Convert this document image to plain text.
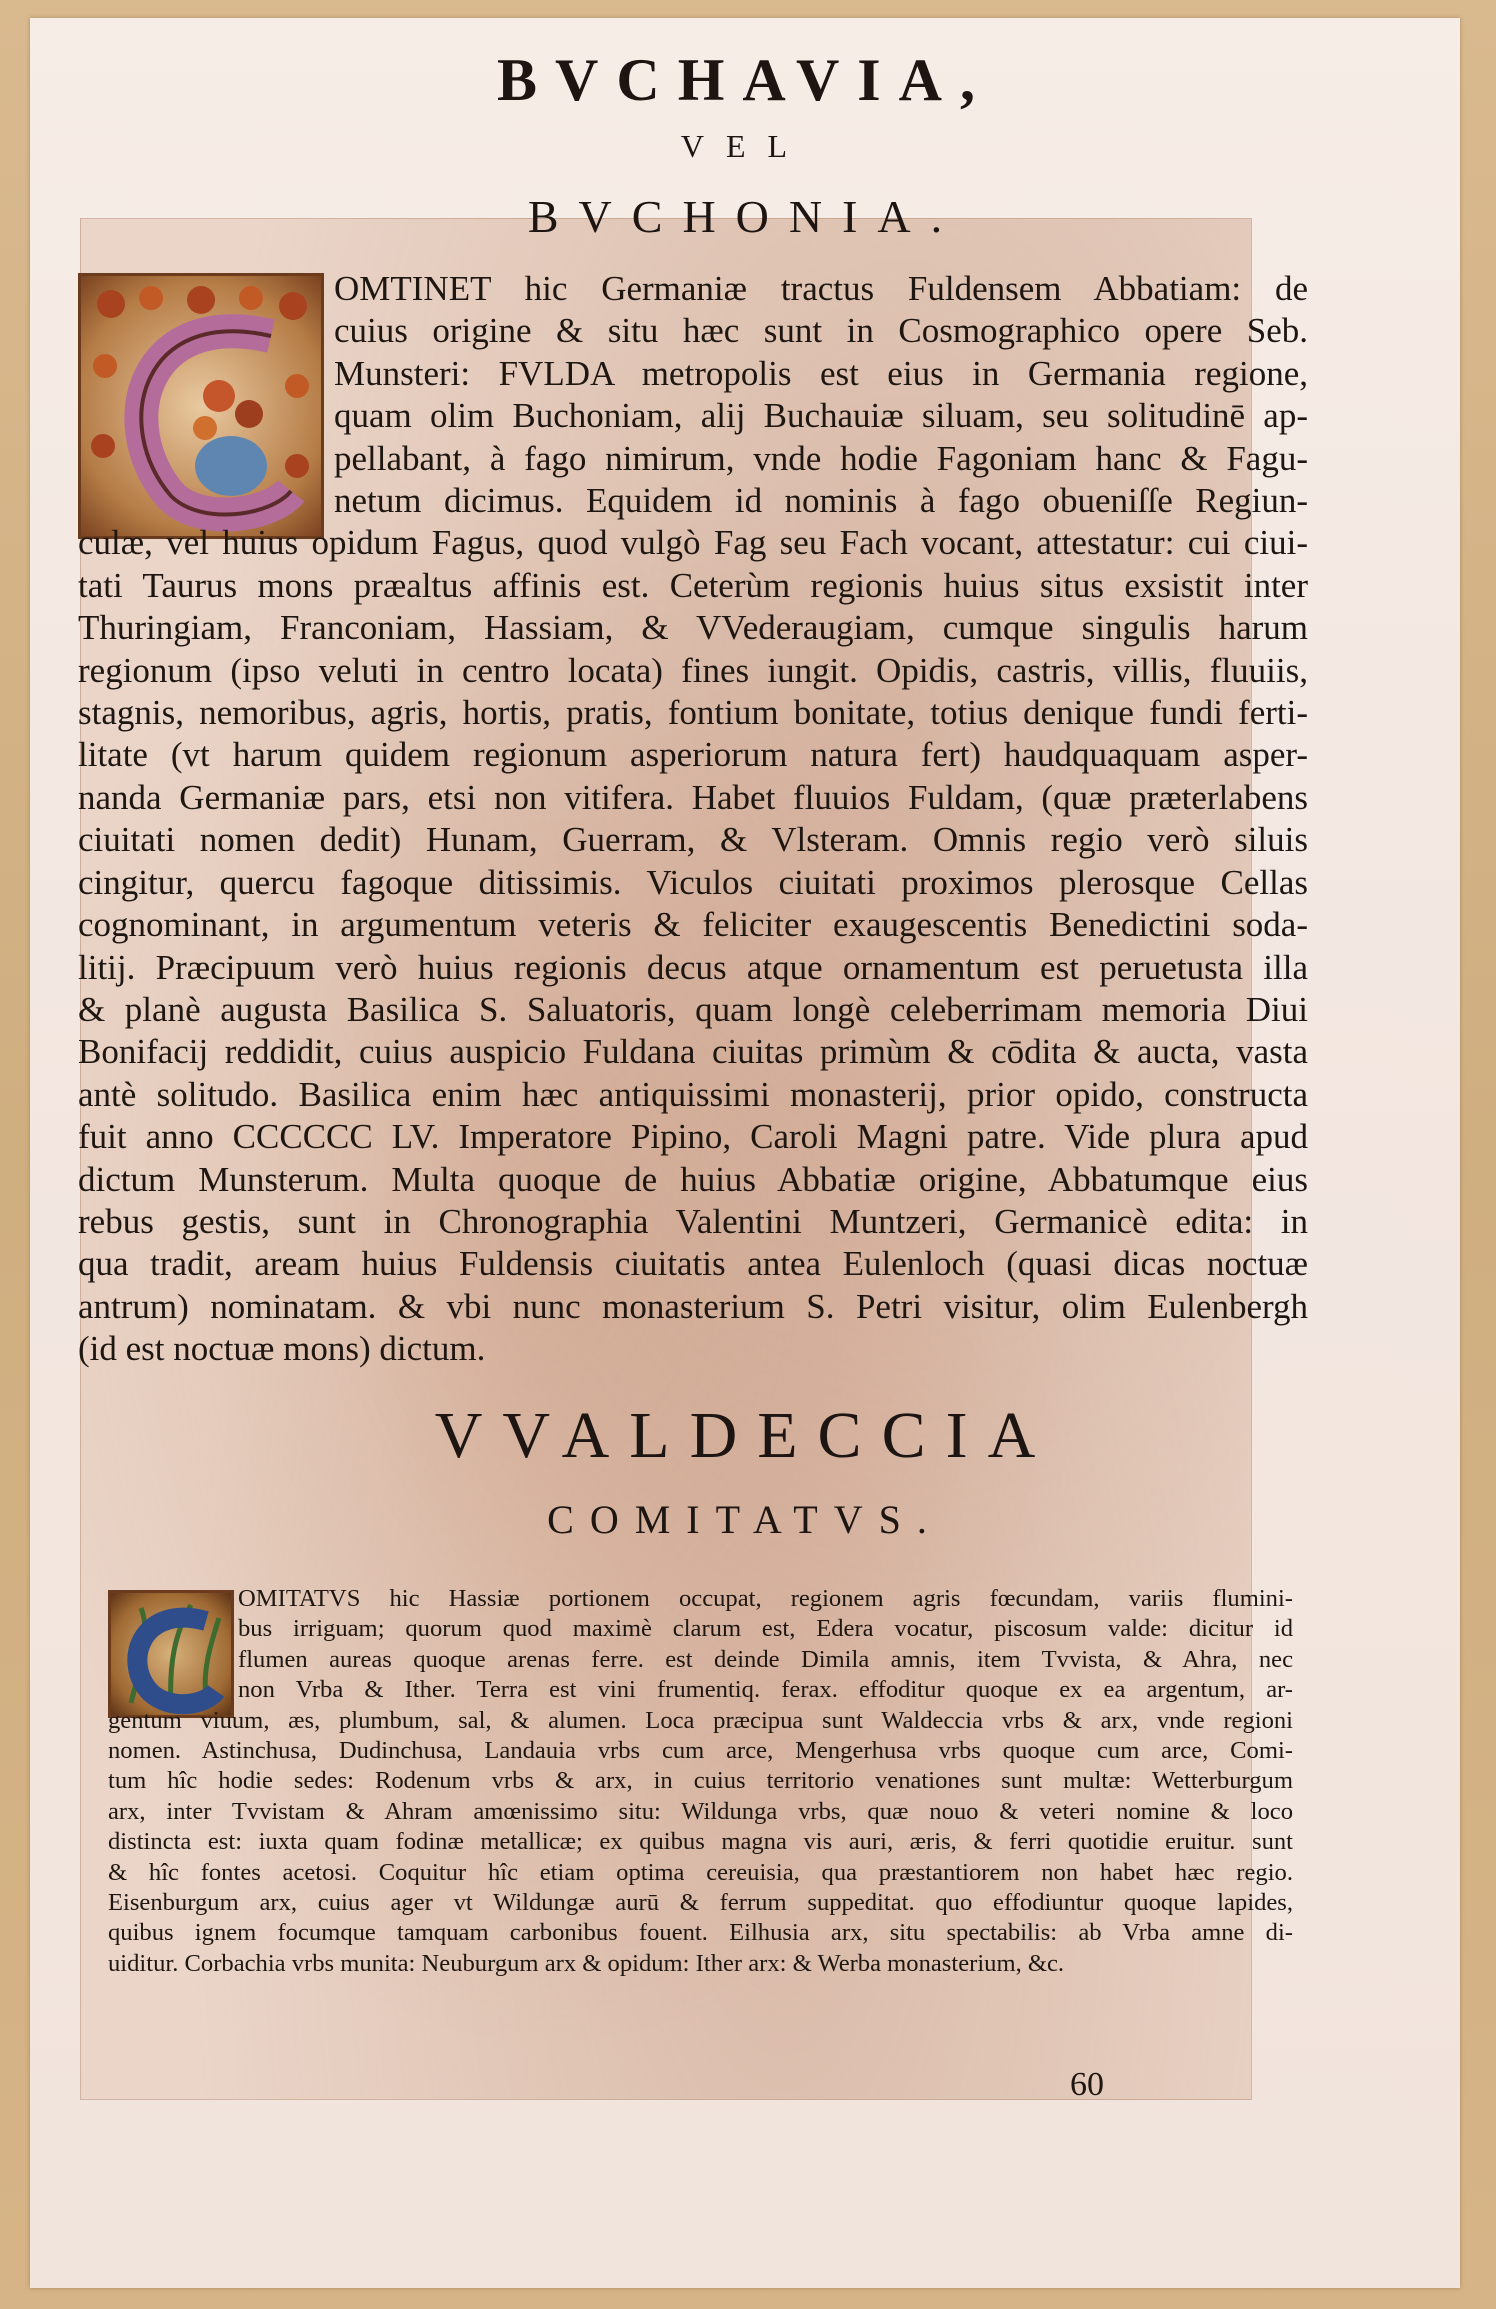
BVCHAVIA,
VEL
BVCHONIA.
OMTINET hic Germaniæ tractus Fuldensem Abbatiam: de
cuius origine & situ hæc sunt in Cosmographico opere Seb.
Munsteri: FVLDA metropolis est eius in Germania regione,
quam olim Buchoniam, alij Buchauiæ siluam, seu solitudinē ap-
pellabant, à fago nimirum, vnde hodie Fagoniam hanc & Fagu-
netum dicimus. Equidem id nominis à fago obueniſſe Regiun-
culæ, vel huius opidum Fagus, quod vulgò Fag seu Fach vocant, attestatur: cui ciui-
tati Taurus mons præaltus affinis est. Ceterùm regionis huius situs exsistit inter
Thuringiam, Franconiam, Hassiam, & VVederaugiam, cumque singulis harum
regionum (ipso veluti in centro locata) fines iungit. Opidis, castris, villis, fluuiis,
stagnis, nemoribus, agris, hortis, pratis, fontium bonitate, totius denique fundi ferti-
litate (vt harum quidem regionum asperiorum natura fert) haudquaquam asper-
nanda Germaniæ pars, etsi non vitifera. Habet fluuios Fuldam, (quæ præterlabens
ciuitati nomen dedit) Hunam, Guerram, & Vlsteram. Omnis regio verò siluis
cingitur, quercu fagoque ditissimis. Viculos ciuitati proximos plerosque Cellas
cognominant, in argumentum veteris & feliciter exaugescentis Benedictini soda-
litij. Præcipuum verò huius regionis decus atque ornamentum est peruetusta illa
& planè augusta Basilica S. Saluatoris, quam longè celeberrimam memoria Diui
Bonifacij reddidit, cuius auspicio Fuldana ciuitas primùm & cōdita & aucta, vasta
antè solitudo. Basilica enim hæc antiquissimi monasterij, prior opido, constructa
fuit anno CCCCCC LV. Imperatore Pipino, Caroli Magni patre. Vide plura apud
dictum Munsterum. Multa quoque de huius Abbatiæ origine, Abbatumque eius
rebus gestis, sunt in Chronographia Valentini Muntzeri, Germanicè edita: in
qua tradit, aream huius Fuldensis ciuitatis antea Eulenloch (quasi dicas noctuæ
antrum) nominatam. & vbi nunc monasterium S. Petri visitur, olim Eulenbergh
(id est noctuæ mons) dictum.
VVALDECCIA
COMITATVS.
OMITATVS hic Hassiæ portionem occupat, regionem agris fœcundam, variis flumini-
bus irriguam; quorum quod maximè clarum est, Edera vocatur, piscosum valde: dicitur id
flumen aureas quoque arenas ferre. est deinde Dimila amnis, item Tvvista, & Ahra, nec
non Vrba & Ither. Terra est vini frumentiq. ferax. effoditur quoque ex ea argentum, ar-
gentum viuum, æs, plumbum, sal, & alumen. Loca præcipua sunt Waldeccia vrbs & arx, vnde regioni
nomen. Astinchusa, Dudinchusa, Landauia vrbs cum arce, Mengerhusa vrbs quoque cum arce, Comi-
tum hîc hodie sedes: Rodenum vrbs & arx, in cuius territorio venationes sunt multæ: Wetterburgum
arx, inter Tvvistam & Ahram amœnissimo situ: Wildunga vrbs, quæ nouo & veteri nomine & loco
distincta est: iuxta quam fodinæ metallicæ; ex quibus magna vis auri, æris, & ferri quotidie eruitur. sunt
& hîc fontes acetosi. Coquitur hîc etiam optima cereuisia, qua præstantiorem non habet hæc regio.
Eisenburgum arx, cuius ager vt Wildungæ aurū & ferrum suppeditat. quo effodiuntur quoque lapides,
quibus ignem focumque tamquam carbonibus fouent. Eilhusia arx, situ spectabilis: ab Vrba amne di-
uiditur. Corbachia vrbs munita: Neuburgum arx & opidum: Ither arx: & Werba monasterium, &c.
60
